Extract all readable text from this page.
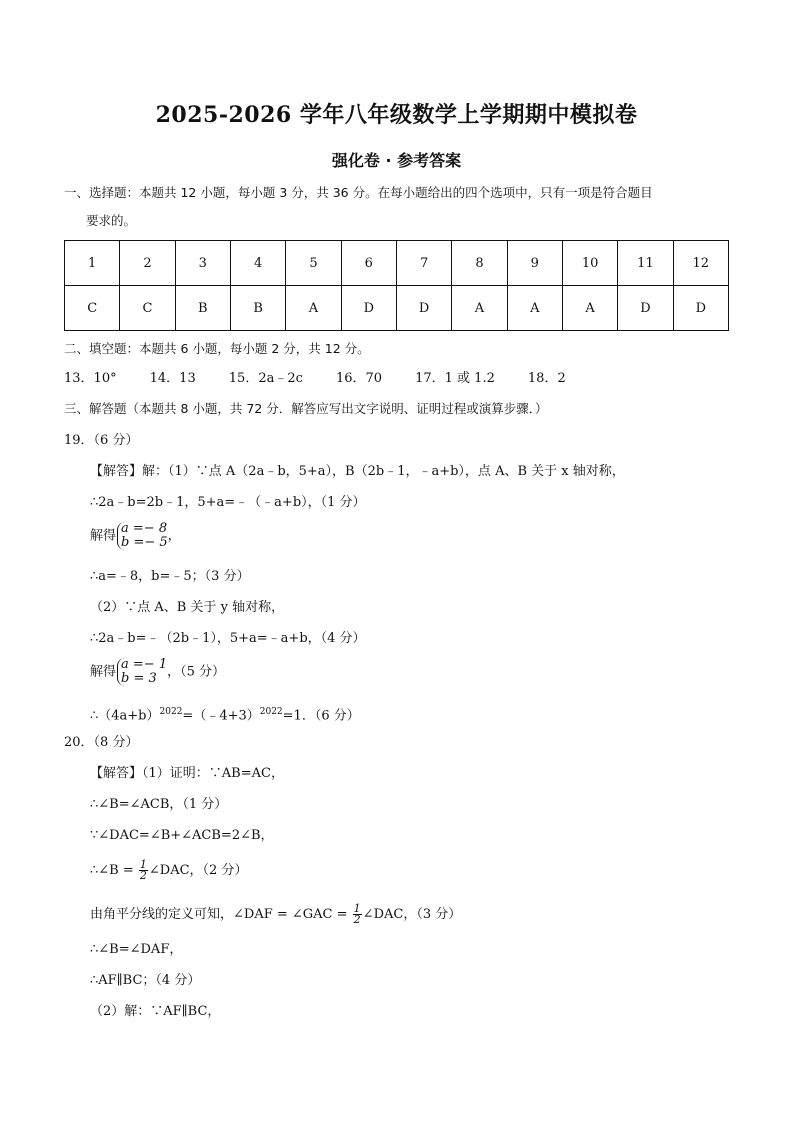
2025-2026 学年八年级数学上学期期中模拟卷
强化卷 · 参考答案
一、选择题：本题共 12 小题，每小题 3 分，共 36 分。在每小题给出的四个选项中，只有一项是符合题目
要求的。
1	2	3	4	5	6	7	8	9	10	11	12
C	C	B	B	A	D	D	A	A	A	D	D
二、填空题：本题共 6 小题，每小题 2 分，共 12 分。
13．10°        14．13        15．2a﹣2c        16．70        17．1 或 1.2        18．2
三、解答题（本题共 8 小题，共 72 分．解答应写出文字说明、证明过程或演算步骤．）
19．（6 分）
【解答】解：（1）∵点 A（2a﹣b，5+a），B（2b﹣1，﹣a+b），点 A、B 关于 x 轴对称，
∴2a﹣b=2b﹣1，5+a=﹣（﹣a+b），（1 分）
解得 a =− 8
b =− 5 ，
∴a=﹣8，b=﹣5；（3 分）
（2）∵点 A、B 关于 y 轴对称，
∴2a﹣b=﹣（2b﹣1），5+a=﹣a+b，（4 分）
解得 a =− 1
b = 3 ，（5 分）
$\therefore(4a+b)^{2022}=(﹣4+3)^{2022}=1$．（6 分）
20．（8 分）
【解答】（1）证明：∵AB=AC，
∴∠B=∠ACB，（1 分）
∵∠DAC=∠B+∠ACB=2∠B，
∴∠B = $\frac{1}{2}$ ∠DAC，（2 分）
由角平分线的定义可知，∠DAF = ∠GAC = $\frac{1}{2}$ ∠DAC，（3 分）
∴∠B=∠DAF，
∴AF∥BC；（4 分）
（2）解：∵AF∥BC，
